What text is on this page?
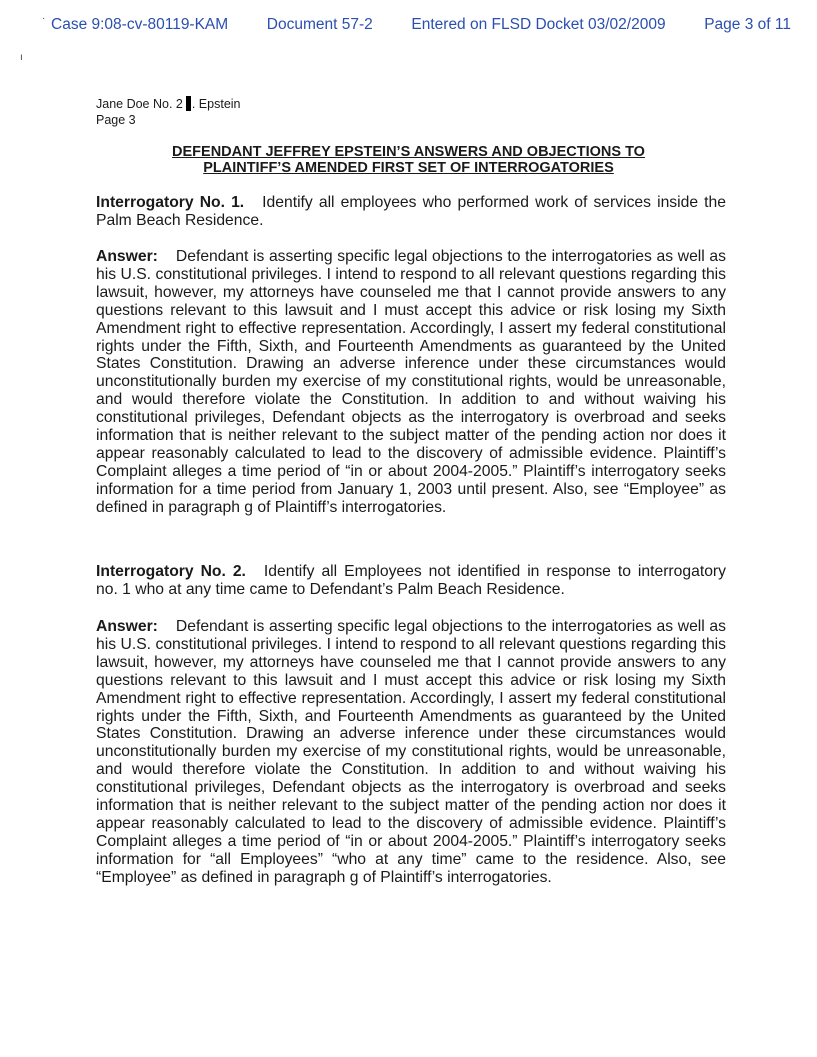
Case 9:08-cv-80119-KAM Document 57-2 Entered on FLSD Docket 03/02/2009 Page 3 of 11
·
ı
Jane Doe No. 2 . Epstein
Page 3
DEFENDANT JEFFREY EPSTEIN’S ANSWERS AND OBJECTIONS TO
PLAINTIFF’S AMENDED FIRST SET OF INTERROGATORIES

Interrogatory No. 1. Identify all employees who performed work of services inside the Palm Beach Residence.

Answer: Defendant is asserting specific legal objections to the interrogatories as well as his U.S. constitutional privileges. I intend to respond to all relevant questions regarding this lawsuit, however, my attorneys have counseled me that I cannot provide answers to any questions relevant to this lawsuit and I must accept this advice or risk losing my Sixth Amendment right to effective representation. Accordingly, I assert my federal constitutional rights under the Fifth, Sixth, and Fourteenth Amendments as guaranteed by the United States Constitution. Drawing an adverse inference under these circumstances would unconstitutionally burden my exercise of my constitutional rights, would be unreasonable, and would therefore violate the Constitution. In addition to and without waiving his constitutional privileges, Defendant objects as the interrogatory is overbroad and seeks information that is neither relevant to the subject matter of the pending action nor does it appear reasonably calculated to lead to the discovery of admissible evidence. Plaintiff’s Complaint alleges a time period of “in or about 2004-2005.” Plaintiff’s interrogatory seeks information for a time period from January 1, 2003 until present. Also, see “Employee” as defined in paragraph g of Plaintiff’s interrogatories.

Interrogatory No. 2. Identify all Employees not identified in response to interrogatory no. 1 who at any time came to Defendant’s Palm Beach Residence.

Answer: Defendant is asserting specific legal objections to the interrogatories as well as his U.S. constitutional privileges. I intend to respond to all relevant questions regarding this lawsuit, however, my attorneys have counseled me that I cannot provide answers to any questions relevant to this lawsuit and I must accept this advice or risk losing my Sixth Amendment right to effective representation. Accordingly, I assert my federal constitutional rights under the Fifth, Sixth, and Fourteenth Amendments as guaranteed by the United States Constitution. Drawing an adverse inference under these circumstances would unconstitutionally burden my exercise of my constitutional rights, would be unreasonable, and would therefore violate the Constitution. In addition to and without waiving his constitutional privileges, Defendant objects as the interrogatory is overbroad and seeks information that is neither relevant to the subject matter of the pending action nor does it appear reasonably calculated to lead to the discovery of admissible evidence. Plaintiff’s Complaint alleges a time period of “in or about 2004-2005.” Plaintiff’s interrogatory seeks information for “all Employees” “who at any time” came to the residence. Also, see “Employee” as defined in paragraph g of Plaintiff’s interrogatories.
